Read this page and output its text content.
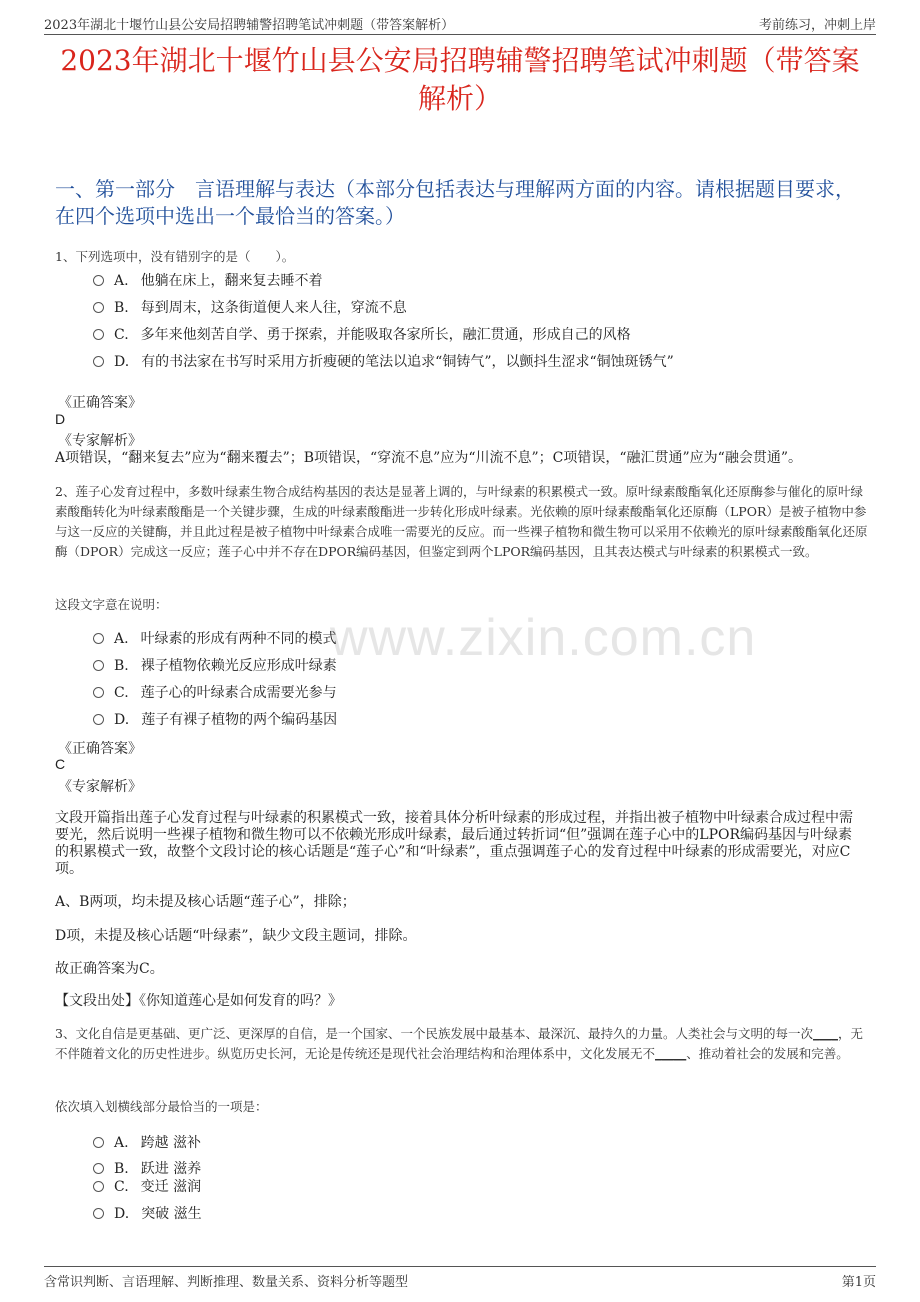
2023年湖北十堰竹山县公安局招聘辅警招聘笔试冲刺题（带答案解析）	考前练习，冲刺上岸
2023年湖北十堰竹山县公安局招聘辅警招聘笔试冲刺题（带答案解析）
一、第一部分　言语理解与表达（本部分包括表达与理解两方面的内容。请根据题目要求，在四个选项中选出一个最恰当的答案。）
1、下列选项中，没有错别字的是（　　）。
A. 他躺在床上，翻来复去睡不着
B. 每到周末，这条街道便人来人往，穿流不息
C. 多年来他刻苦自学、勇于探索，并能吸取各家所长，融汇贯通，形成自己的风格
D. 有的书法家在书写时采用方折瘦硬的笔法以追求“铜铸气”，以颤抖生涩求“铜蚀斑锈气”
《正确答案》
D
《专家解析》
A项错误，“翻来复去”应为“翻来覆去”；B项错误，“穿流不息”应为“川流不息”；C项错误，“融汇贯通”应为“融会贯通”。
2、莲子心发育过程中，多数叶绿素生物合成结构基因的表达是显著上调的，与叶绿素的积累模式一致。原叶绿素酸酯氧化还原酶参与催化的原叶绿素酸酯转化为叶绿素酸酯是一个关键步骤，生成的叶绿素酸酯进一步转化形成叶绿素。光依赖的原叶绿素酸酯氧化还原酶（LPOR）是被子植物中参与这一反应的关键酶，并且此过程是被子植物中叶绿素合成唯一需要光的反应。而一些裸子植物和微生物可以采用不依赖光的原叶绿素酸酯氧化还原酶（DPOR）完成这一反应；莲子心中并不存在DPOR编码基因，但鉴定到两个LPOR编码基因，且其表达模式与叶绿素的积累模式一致。
这段文字意在说明：
www.zixin.com.cn
A. 叶绿素的形成有两种不同的模式
B. 裸子植物依赖光反应形成叶绿素
C. 莲子心的叶绿素合成需要光参与
D. 莲子有裸子植物的两个编码基因
《正确答案》
C
《专家解析》
文段开篇指出莲子心发育过程与叶绿素的积累模式一致，接着具体分析叶绿素的形成过程，并指出被子植物中叶绿素合成过程中需要光，然后说明一些裸子植物和微生物可以不依赖光形成叶绿素，最后通过转折词“但”强调在莲子心中的LPOR编码基因与叶绿素的积累模式一致，故整个文段讨论的核心话题是“莲子心”和“叶绿素”，重点强调莲子心的发育过程中叶绿素的形成需要光，对应C项。
A、B两项，均未提及核心话题“莲子心”，排除；
D项，未提及核心话题“叶绿素”，缺少文段主题词，排除。
故正确答案为C。
【文段出处】《你知道莲心是如何发育的吗？》
3、文化自信是更基础、更广泛、更深厚的自信，是一个国家、一个民族发展中最基本、最深沉、最持久的力量。人类社会与文明的每一次____，无不伴随着文化的历史性进步。纵览历史长河，无论是传统还是现代社会治理结构和治理体系中，文化发展无不_____、推动着社会的发展和完善。
依次填入划横线部分最恰当的一项是：
A. 跨越 滋补
B. 跃进 滋养
C. 变迁 滋润
D. 突破 滋生
含常识判断、言语理解、判断推理、数量关系、资料分析等题型	第1页
